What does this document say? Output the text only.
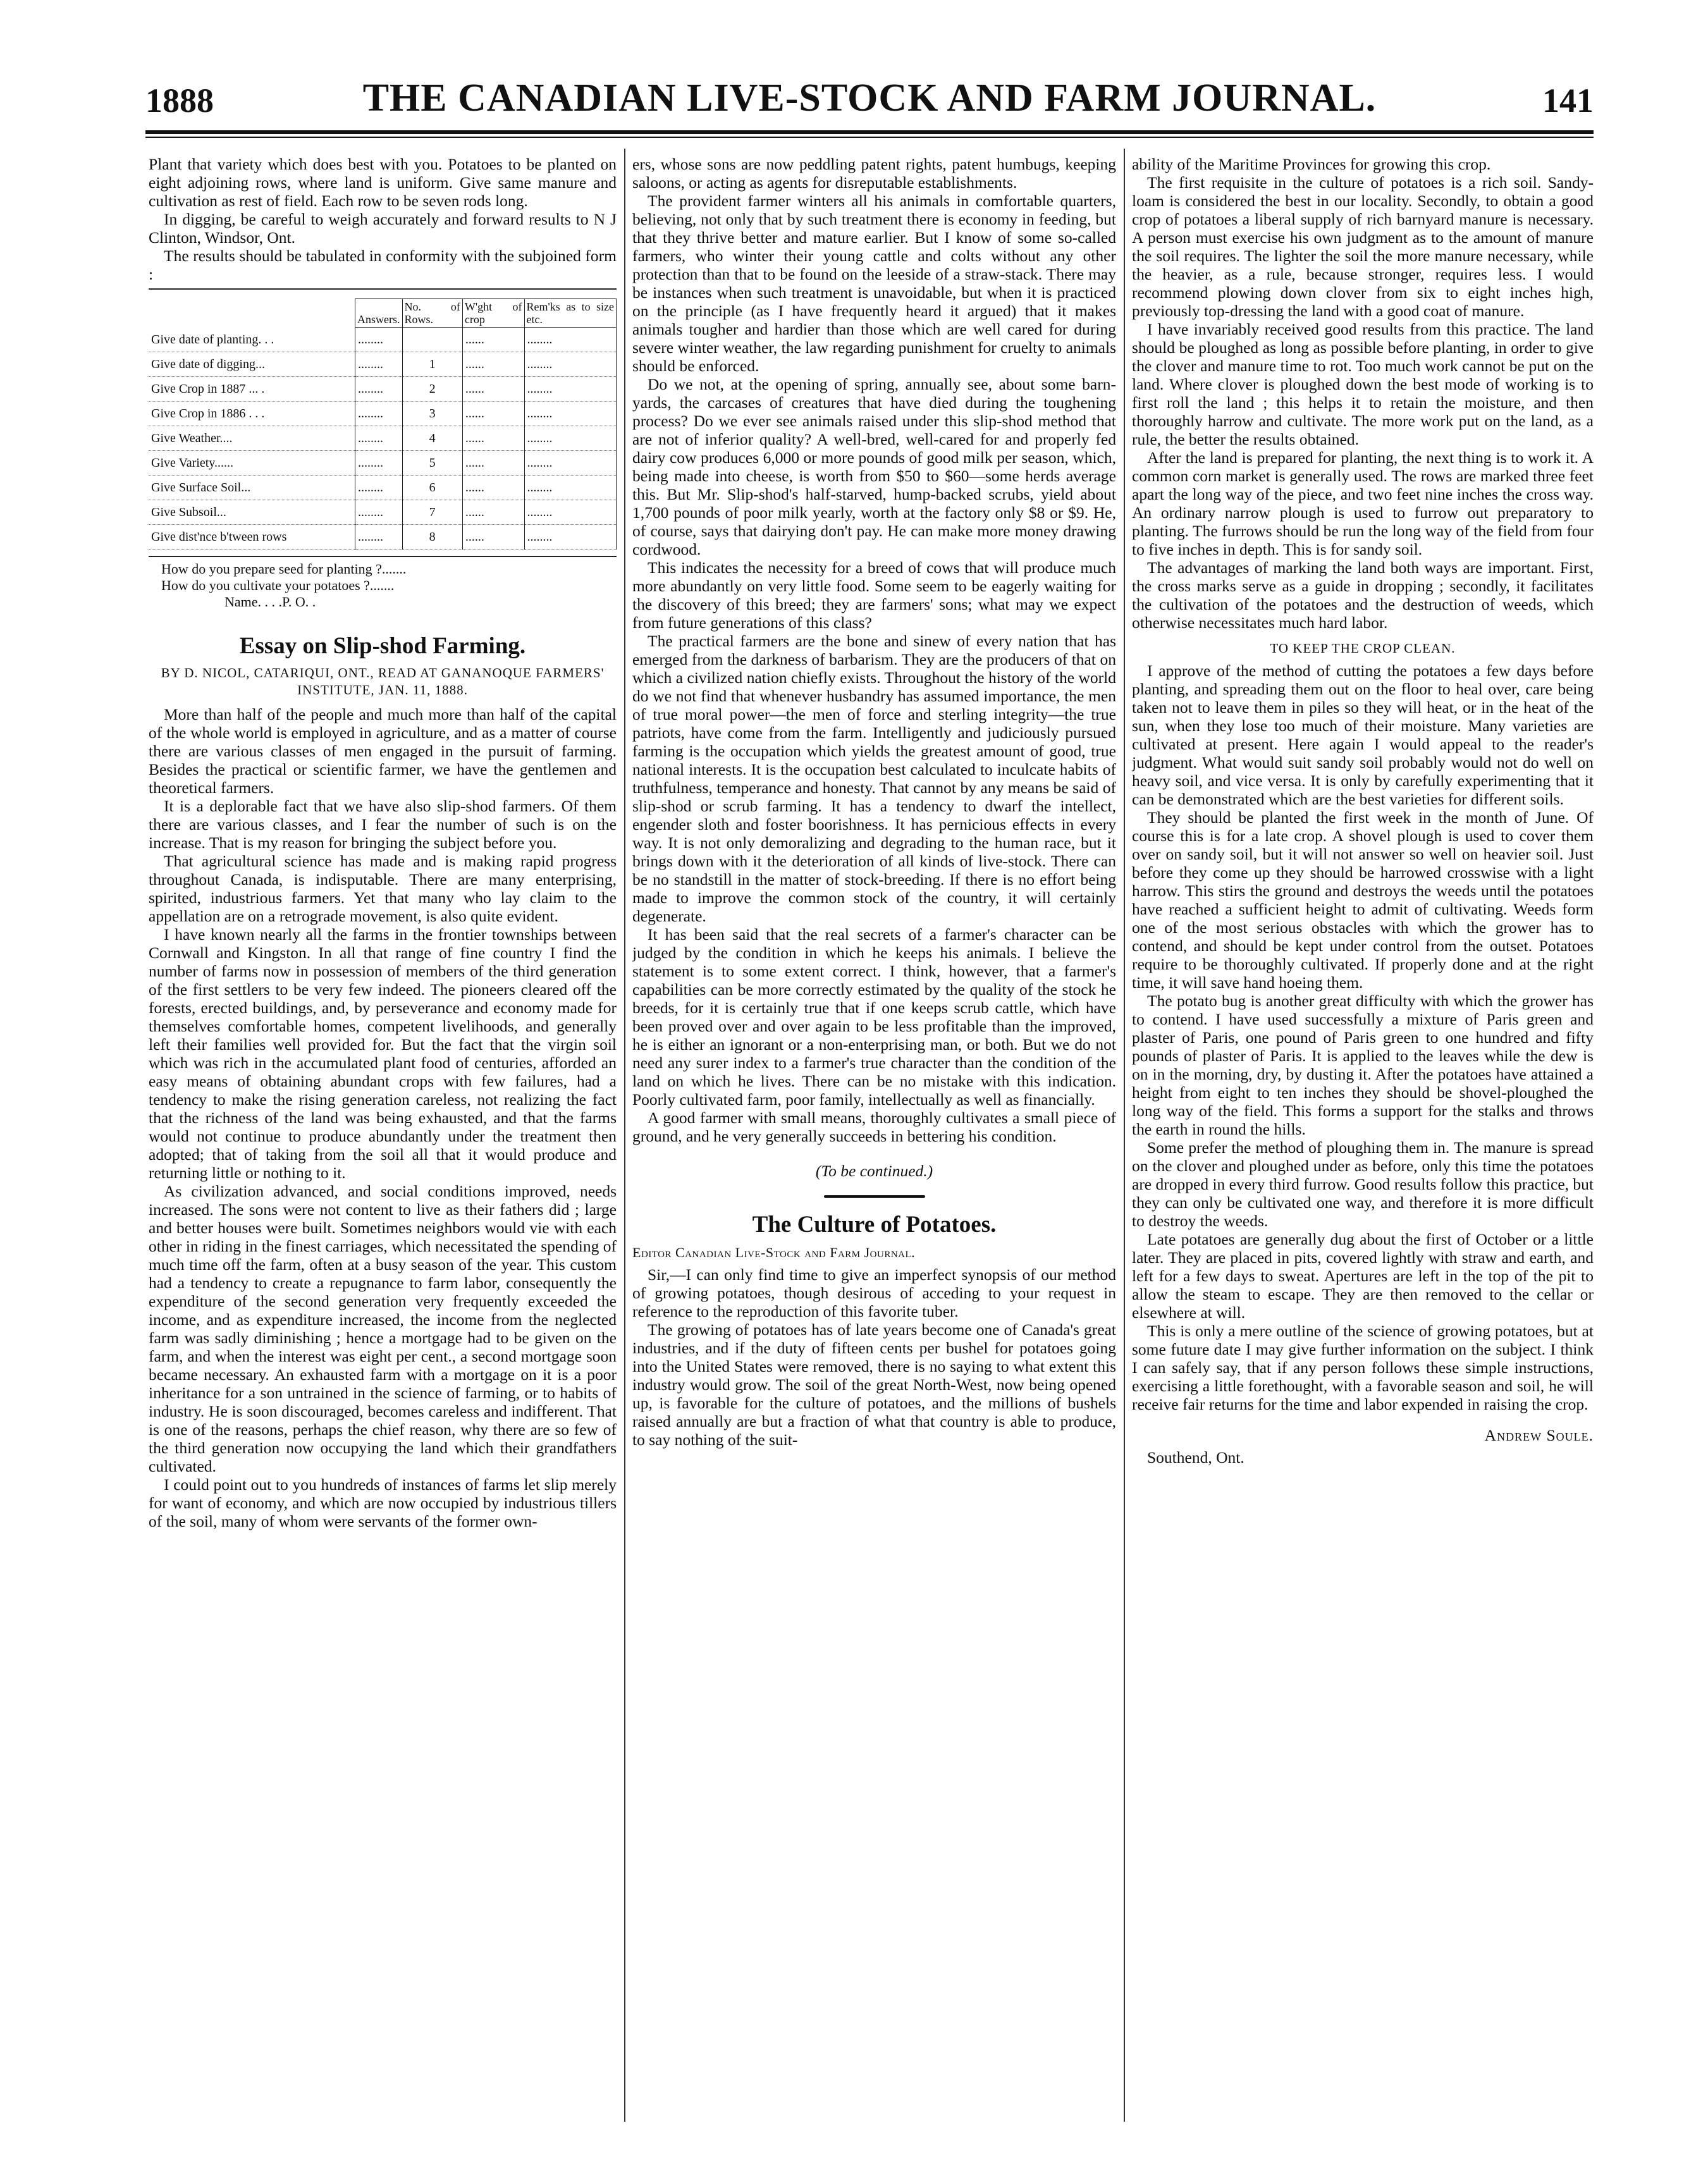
1888	THE CANADIAN LIVE-STOCK AND FARM JOURNAL.	141

Plant that variety which does best with you. Potatoes to be planted on eight adjoining rows, where land is uniform. Give same manure and cultivation as rest of field. Each row to be seven rods long.

In digging, be careful to weigh accurately and forward results to N J Clinton, Windsor, Ont.

The results should be tabulated in conformity with the subjoined form :

	Answers.	No. of Rows.	W'ght of crop	Rem'ks as to size etc.
Give date of planting. . .	........		......	........
Give date of digging...	........	1	......	........
Give Crop in 1887 ... .	........	2	......	........
Give Crop in 1886 . . .	........	3	......	........
Give Weather....	........	4	......	........
Give Variety......	........	5	......	........
Give Surface Soil...	........	6	......	........
Give Subsoil...	........	7	......	........
Give dist'nce b'tween rows	........	8	......	........
How do you prepare seed for planting ?.......
How do you cultivate your potatoes ?.......
Name. . . .P. O. .
Essay on Slip-shod Farming.
BY D. NICOL, CATARIQUI, ONT., READ AT GANANOQUE FARMERS' INSTITUTE, JAN. 11, 1888.

More than half of the people and much more than half of the capital of the whole world is employed in agriculture, and as a matter of course there are various classes of men engaged in the pursuit of farming. Besides the practical or scientific farmer, we have the gentlemen and theoretical farmers.

It is a deplorable fact that we have also slip-shod farmers. Of them there are various classes, and I fear the number of such is on the increase. That is my reason for bringing the subject before you.

That agricultural science has made and is making rapid progress throughout Canada, is indisputable. There are many enterprising, spirited, industrious farmers. Yet that many who lay claim to the appellation are on a retrograde movement, is also quite evident.

I have known nearly all the farms in the frontier townships between Cornwall and Kingston. In all that range of fine country I find the number of farms now in possession of members of the third generation of the first settlers to be very few indeed. The pioneers cleared off the forests, erected buildings, and, by perseverance and economy made for themselves comfortable homes, competent livelihoods, and generally left their families well provided for. But the fact that the virgin soil which was rich in the accumulated plant food of centuries, afforded an easy means of obtaining abundant crops with few failures, had a tendency to make the rising generation careless, not realizing the fact that the richness of the land was being exhausted, and that the farms would not continue to produce abundantly under the treatment then adopted; that of taking from the soil all that it would produce and returning little or nothing to it.

As civilization advanced, and social conditions improved, needs increased. The sons were not content to live as their fathers did ; large and better houses were built. Sometimes neighbors would vie with each other in riding in the finest carriages, which necessitated the spending of much time off the farm, often at a busy season of the year. This custom had a tendency to create a repugnance to farm labor, consequently the expenditure of the second generation very frequently exceeded the income, and as expenditure increased, the income from the neglected farm was sadly diminishing ; hence a mortgage had to be given on the farm, and when the interest was eight per cent., a second mortgage soon became necessary. An exhausted farm with a mortgage on it is a poor inheritance for a son untrained in the science of farming, or to habits of industry. He is soon discouraged, becomes careless and indifferent. That is one of the reasons, perhaps the chief reason, why there are so few of the third generation now occupying the land which their grandfathers cultivated.

I could point out to you hundreds of instances of farms let slip merely for want of economy, and which are now occupied by industrious tillers of the soil, many of whom were servants of the former own-

ers, whose sons are now peddling patent rights, patent humbugs, keeping saloons, or acting as agents for disreputable establishments.

The provident farmer winters all his animals in comfortable quarters, believing, not only that by such treatment there is economy in feeding, but that they thrive better and mature earlier. But I know of some so-called farmers, who winter their young cattle and colts without any other protection than that to be found on the leeside of a straw-stack. There may be instances when such treatment is unavoidable, but when it is practiced on the principle (as I have frequently heard it argued) that it makes animals tougher and hardier than those which are well cared for during severe winter weather, the law regarding punishment for cruelty to animals should be enforced.

Do we not, at the opening of spring, annually see, about some barn-yards, the carcases of creatures that have died during the toughening process? Do we ever see animals raised under this slip-shod method that are not of inferior quality? A well-bred, well-cared for and properly fed dairy cow produces 6,000 or more pounds of good milk per season, which, being made into cheese, is worth from $50 to $60—some herds average this. But Mr. Slip-shod's half-starved, hump-backed scrubs, yield about 1,700 pounds of poor milk yearly, worth at the factory only $8 or $9. He, of course, says that dairying don't pay. He can make more money drawing cordwood.

This indicates the necessity for a breed of cows that will produce much more abundantly on very little food. Some seem to be eagerly waiting for the discovery of this breed; they are farmers' sons; what may we expect from future generations of this class?

The practical farmers are the bone and sinew of every nation that has emerged from the darkness of barbarism. They are the producers of that on which a civilized nation chiefly exists. Throughout the history of the world do we not find that whenever husbandry has assumed importance, the men of true moral power—the men of force and sterling integrity—the true patriots, have come from the farm. Intelligently and judiciously pursued farming is the occupation which yields the greatest amount of good, true national interests. It is the occupation best calculated to inculcate habits of truthfulness, temperance and honesty. That cannot by any means be said of slip-shod or scrub farming. It has a tendency to dwarf the intellect, engender sloth and foster boorishness. It has pernicious effects in every way. It is not only demoralizing and degrading to the human race, but it brings down with it the deterioration of all kinds of live-stock. There can be no standstill in the matter of stock-breeding. If there is no effort being made to improve the common stock of the country, it will certainly degenerate.

It has been said that the real secrets of a farmer's character can be judged by the condition in which he keeps his animals. I believe the statement is to some extent correct. I think, however, that a farmer's capabilities can be more correctly estimated by the quality of the stock he breeds, for it is certainly true that if one keeps scrub cattle, which have been proved over and over again to be less profitable than the improved, he is either an ignorant or a non-enterprising man, or both. But we do not need any surer index to a farmer's true character than the condition of the land on which he lives. There can be no mistake with this indication. Poorly cultivated farm, poor family, intellectually as well as financially.

A good farmer with small means, thoroughly cultivates a small piece of ground, and he very generally succeeds in bettering his condition.

(To be continued.)
The Culture of Potatoes.

Editor Canadian Live-Stock and Farm Journal.

Sir,—I can only find time to give an imperfect synopsis of our method of growing potatoes, though desirous of acceding to your request in reference to the reproduction of this favorite tuber.

The growing of potatoes has of late years become one of Canada's great industries, and if the duty of fifteen cents per bushel for potatoes going into the United States were removed, there is no saying to what extent this industry would grow. The soil of the great North-West, now being opened up, is favorable for the culture of potatoes, and the millions of bushels raised annually are but a fraction of what that country is able to produce, to say nothing of the suit-

ability of the Maritime Provinces for growing this crop.

The first requisite in the culture of potatoes is a rich soil. Sandy-loam is considered the best in our locality. Secondly, to obtain a good crop of potatoes a liberal supply of rich barnyard manure is necessary. A person must exercise his own judgment as to the amount of manure the soil requires. The lighter the soil the more manure necessary, while the heavier, as a rule, because stronger, requires less. I would recommend plowing down clover from six to eight inches high, previously top-dressing the land with a good coat of manure.

I have invariably received good results from this practice. The land should be ploughed as long as possible before planting, in order to give the clover and manure time to rot. Too much work cannot be put on the land. Where clover is ploughed down the best mode of working is to first roll the land ; this helps it to retain the moisture, and then thoroughly harrow and cultivate. The more work put on the land, as a rule, the better the results obtained.

After the land is prepared for planting, the next thing is to work it. A common corn market is generally used. The rows are marked three feet apart the long way of the piece, and two feet nine inches the cross way. An ordinary narrow plough is used to furrow out preparatory to planting. The furrows should be run the long way of the field from four to five inches in depth. This is for sandy soil.

The advantages of marking the land both ways are important. First, the cross marks serve as a guide in dropping ; secondly, it facilitates the cultivation of the potatoes and the destruction of weeds, which otherwise necessitates much hard labor.

TO KEEP THE CROP CLEAN.

I approve of the method of cutting the potatoes a few days before planting, and spreading them out on the floor to heal over, care being taken not to leave them in piles so they will heat, or in the heat of the sun, when they lose too much of their moisture. Many varieties are cultivated at present. Here again I would appeal to the reader's judgment. What would suit sandy soil probably would not do well on heavy soil, and vice versa. It is only by carefully experimenting that it can be demonstrated which are the best varieties for different soils.

They should be planted the first week in the month of June. Of course this is for a late crop. A shovel plough is used to cover them over on sandy soil, but it will not answer so well on heavier soil. Just before they come up they should be harrowed crosswise with a light harrow. This stirs the ground and destroys the weeds until the potatoes have reached a sufficient height to admit of cultivating. Weeds form one of the most serious obstacles with which the grower has to contend, and should be kept under control from the outset. Potatoes require to be thoroughly cultivated. If properly done and at the right time, it will save hand hoeing them.

The potato bug is another great difficulty with which the grower has to contend. I have used successfully a mixture of Paris green and plaster of Paris, one pound of Paris green to one hundred and fifty pounds of plaster of Paris. It is applied to the leaves while the dew is on in the morning, dry, by dusting it. After the potatoes have attained a height from eight to ten inches they should be shovel-ploughed the long way of the field. This forms a support for the stalks and throws the earth in round the hills.

Some prefer the method of ploughing them in. The manure is spread on the clover and ploughed under as before, only this time the potatoes are dropped in every third furrow. Good results follow this practice, but they can only be cultivated one way, and therefore it is more difficult to destroy the weeds.

Late potatoes are generally dug about the first of October or a little later. They are placed in pits, covered lightly with straw and earth, and left for a few days to sweat. Apertures are left in the top of the pit to allow the steam to escape. They are then removed to the cellar or elsewhere at will.

This is only a mere outline of the science of growing potatoes, but at some future date I may give further information on the subject. I think I can safely say, that if any person follows these simple instructions, exercising a little forethought, with a favorable season and soil, he will receive fair returns for the time and labor expended in raising the crop.

Andrew Soule.

Southend, Ont.
